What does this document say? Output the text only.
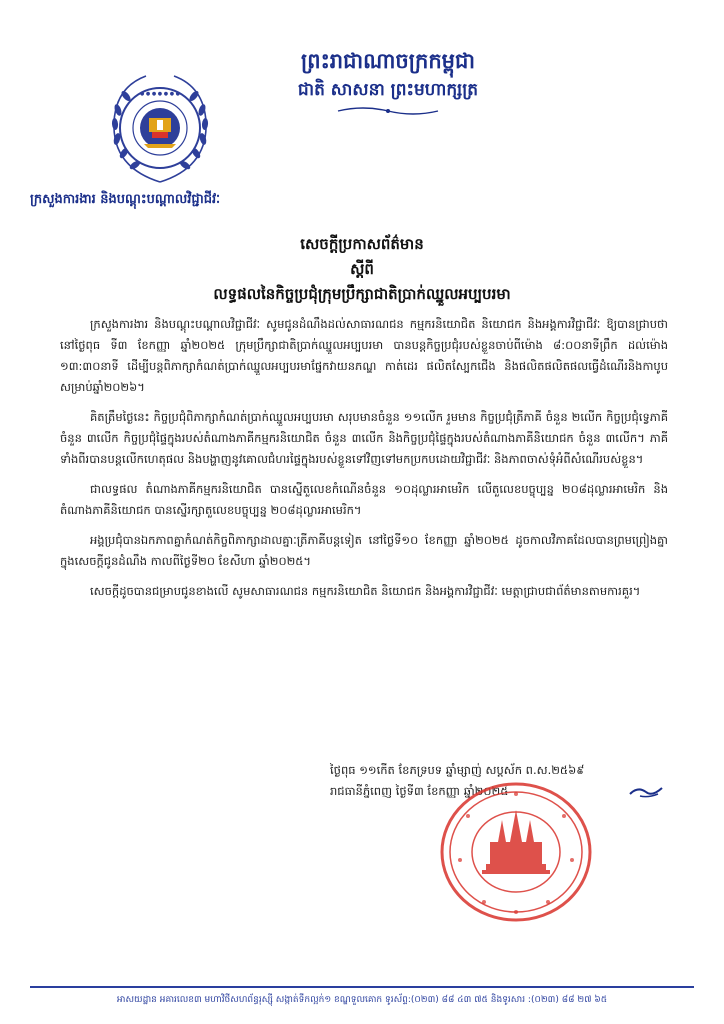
● ● ● ● ● ● ●
ព្រះរាជាណាចក្រកម្ពុជា
ជាតិ សាសនា ព្រះមហាក្សត្រ
ក្រសួងការងារ និងបណ្តុះបណ្តាលវិជ្ជាជីវៈ
សេចក្តីប្រកាសព័ត៌មាន
ស្តីពី
លទ្ធផលនៃកិច្ចប្រជុំក្រុមប្រឹក្សាជាតិប្រាក់ឈ្នួលអប្បបរមា

ក្រសួងការងារ និងបណ្តុះបណ្តាលវិជ្ជាជីវៈ សូមជូនដំណឹងដល់សាធារណជន កម្មករនិយោជិត និយោជក និងអង្គការវិជ្ជាជីវៈ ឱ្យបានជ្រាបថា នៅថ្ងៃពុធ ទី៣ ខែកញ្ញា ឆ្នាំ២០២៥ ក្រុមប្រឹក្សាជាតិប្រាក់ឈ្នួលអប្បបរមា បានបន្តកិច្ចប្រជុំរបស់ខ្លួនចាប់ពីម៉ោង ៨:០០នាទីព្រឹក ដល់ម៉ោង ១៣:៣០នាទី ដើម្បីបន្តពិភាក្សាកំណត់ប្រាក់ឈ្នួលអប្បបរមាផ្នែកវាយនភណ្ឌ កាត់ដេរ ផលិតស្បែកជើង និងផលិតផលិតផលធ្វើដំណើរនិងកាបូប សម្រាប់ឆ្នាំ២០២៦។

គិតត្រឹមថ្ងៃនេះ កិច្ចប្រជុំពិភាក្សាកំណត់ប្រាក់ឈ្នួលអប្បបរមា សរុបមានចំនួន ១១លើក រួមមាន កិច្ចប្រជុំត្រីភាគី ចំនួន ២លើក កិច្ចប្រជុំទ្វេភាគី ចំនួន ៣លើក កិច្ចប្រជុំផ្ទៃក្នុងរបស់តំណាងភាគីកម្មករនិយោជិត ចំនួន ៣លើក និងកិច្ចប្រជុំផ្ទៃក្នុងរបស់តំណាងភាគីនិយោជក ចំនួន ៣លើក។ ភាគីទាំងពីរបានបន្តលើកហេតុផល និងបង្ហាញនូវគោលជំហរផ្ទៃក្នុងរបស់ខ្លួនទៅវិញទៅមកប្រកបដោយវិជ្ជាជីវៈ និងភាពចាស់ទុំអំពីសំណើរបស់ខ្លួន។

ជាលទ្ធផល តំណាងភាគីកម្មករនិយោជិត បានស្នើតួលេខកំណើនចំនួន ១០ដុល្លារអាមេរិក លើតួលេខបច្ចុប្បន្ន ២០៨ដុល្លារអាមេរិក និងតំណាងភាគីនិយោជក បានស្នើរក្សាតួលេខបច្ចុប្បន្ន ២០៨ដុល្លារអាមេរិក។

អង្គប្រជុំបានឯកភាពគ្នាកំណត់កិច្ចពិភាក្សាដាលគ្នាៈត្រីភាគីបន្តទៀត នៅថ្ងៃទី១០ ខែកញ្ញា ឆ្នាំ២០២៥ ដូចកាលវិភាគដែលបានព្រមព្រៀងគ្នាក្នុងសេចក្តីជូនដំណឹង កាលពីថ្ងៃទី២០ ខែសីហា ឆ្នាំ២០២៥។

សេចក្តីដូចបានជម្រាបជូនខាងលើ សូមសាធារណជន កម្មករនិយោជិត និយោជក និងអង្គការវិជ្ជាជីវៈ មេត្តាជ្រាបជាព័ត៌មានតាមការគួរ។

ថ្ងៃពុធ ១១កើត ខែភទ្របទ ឆ្នាំម្សាញ់ សប្តស័ក ព.ស.២៥៦៩
រាជធានីភ្នំពេញ ថ្ងៃទី៣ ខែកញ្ញា ឆ្នាំ២០២៥
អាសយដ្ឋាន អគារលេខ៣ មហាវិថីសហព័ន្ធរុស្ស៊ី សង្កាត់ទឹកល្អក់១ ខណ្ឌទួលគោក ទូរស័ព្ទ:(០២៣) ៨៨ ៤៣ ៧៥ និងទូរសារ :(០២៣) ៨៨ ២៧ ៦៥
